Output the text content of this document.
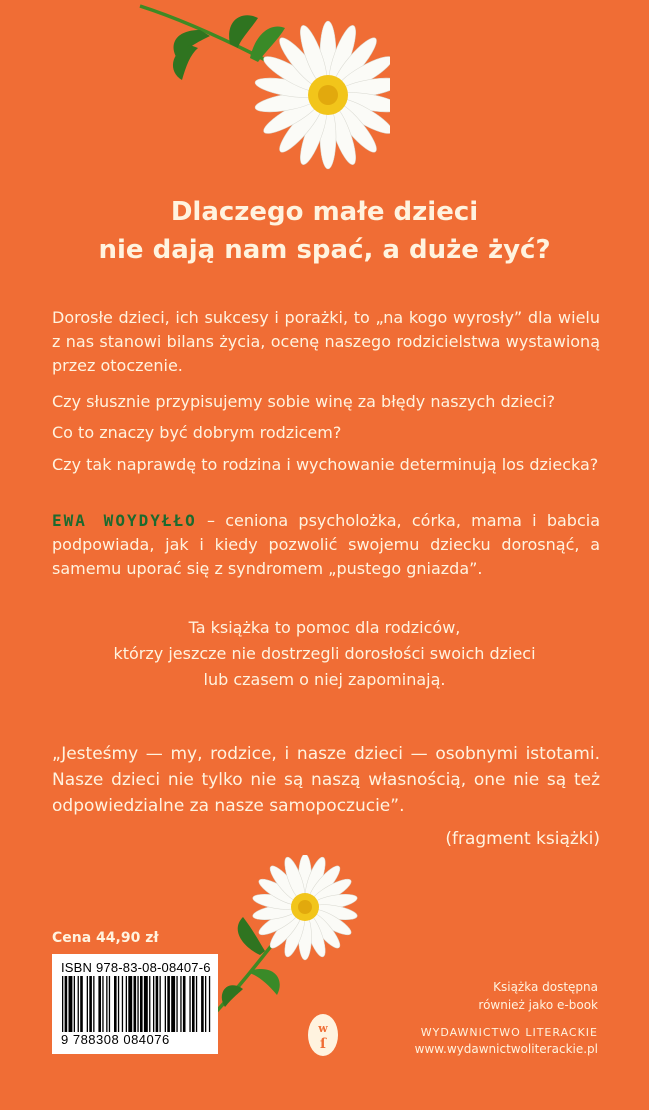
Dlaczego małe dzieci
nie dają nam spać, a duże żyć?
Dorosłe dzieci, ich sukcesy i porażki, to „na kogo wyrosły” dla wielu z nas stanowi bilans życia, ocenę naszego rodzicielstwa wystawioną przez otoczenie.
Czy słusznie przypisujemy sobie winę za błędy naszych dzieci?
Co to znaczy być dobrym rodzicem?
Czy tak naprawdę to rodzina i wychowanie determinują los dziecka?
EWA WOYDYŁŁO – ceniona psycholożka, córka, mama i babcia podpowiada, jak i kiedy pozwolić swojemu dziecku dorosnąć, a samemu uporać się z syndromem „pustego gniazda”.
Ta książka to pomoc dla rodziców,
którzy jeszcze nie dostrzegli dorosłości swoich dzieci
lub czasem o niej zapominają.
„Jesteśmy — my, rodzice, i nasze dzieci — osobnymi istotami. Nasze dzieci nie tylko nie są naszą własnością, one nie są też odpowiedzialne za nasze samopoczucie”.
(fragment książki)
Cena 44,90 zł
ISBN 978-83-08-08407-6
9 788308 084076
Książka dostępna
również jako e-book
w
ſ
WYDAWNICTWO LITERACKIE
www.wydawnictwoliterackie.pl
